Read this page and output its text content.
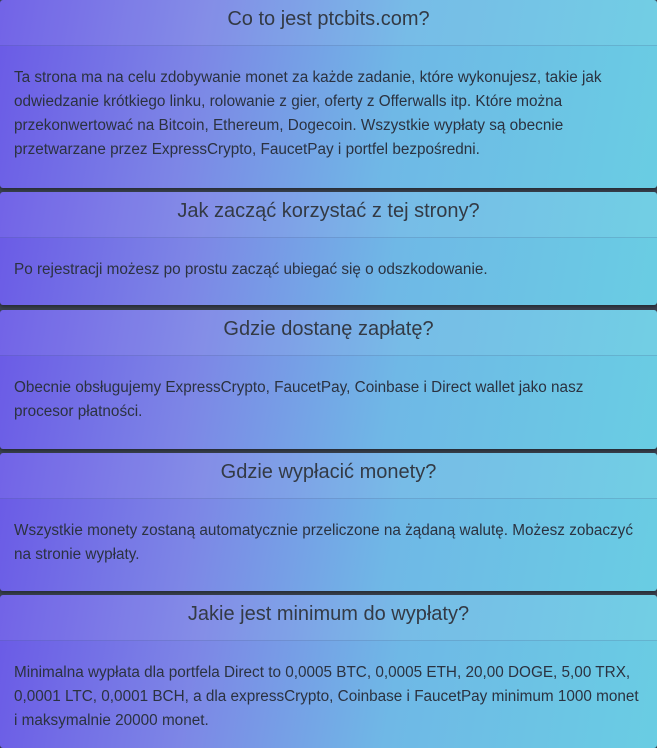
Co to jest ptcbits.com?
Ta strona ma na celu zdobywanie monet za każde zadanie, które wykonujesz, takie jak odwiedzanie krótkiego linku, rolowanie z gier, oferty z Offerwalls itp. Które można przekonwertować na Bitcoin, Ethereum, Dogecoin. Wszystkie wypłaty są obecnie przetwarzane przez ExpressCrypto, FaucetPay i portfel bezpośredni.
Jak zacząć korzystać z tej strony?
Po rejestracji możesz po prostu zacząć ubiegać się o odszkodowanie.
Gdzie dostanę zapłatę?
Obecnie obsługujemy ExpressCrypto, FaucetPay, Coinbase i Direct wallet jako nasz procesor płatności.
Gdzie wypłacić monety?
Wszystkie monety zostaną automatycznie przeliczone na żądaną walutę. Możesz zobaczyć na stronie wypłaty.
Jakie jest minimum do wypłaty?
Minimalna wypłata dla portfela Direct to 0,0005 BTC, 0,0005 ETH, 20,00 DOGE, 5,00 TRX, 0,0001 LTC, 0,0001 BCH, a dla expressCrypto, Coinbase i FaucetPay minimum 1000 monet i maksymalnie 20000 monet.
